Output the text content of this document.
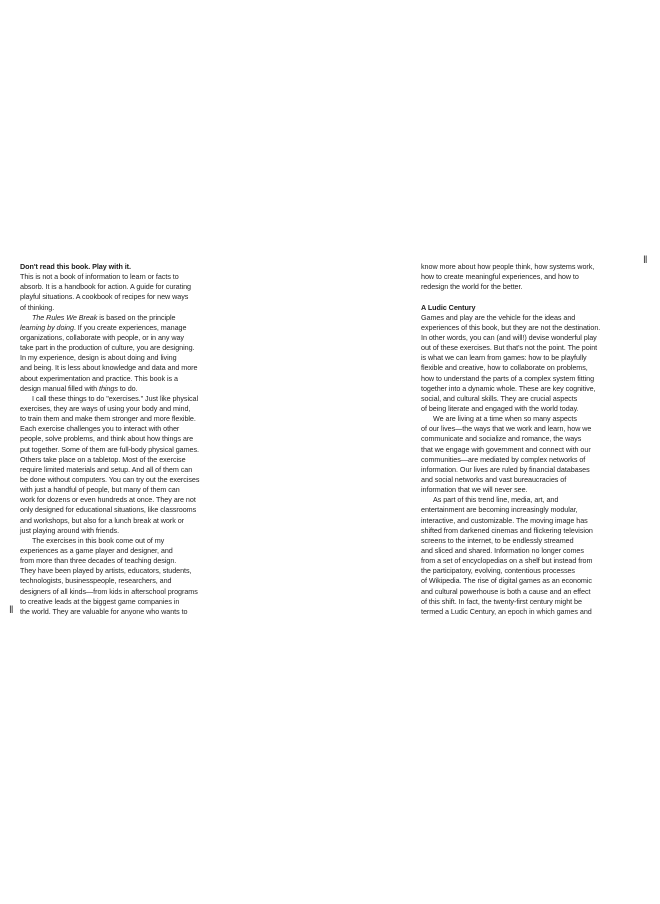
Don't read this book. Play with it.
This is not a book of information to learn or facts to
absorb. It is a handbook for action. A guide for curating
playful situations. A cookbook of recipes for new ways
of thinking.
The Rules We Break is based on the principle
learning by doing. If you create experiences, manage
organizations, collaborate with people, or in any way
take part in the production of culture, you are designing.
In my experience, design is about doing and living
and being. It is less about knowledge and data and more
about experimentation and practice. This book is a
design manual filled with things to do.
I call these things to do "exercises." Just like physical
exercises, they are ways of using your body and mind,
to train them and make them stronger and more flexible.
Each exercise challenges you to interact with other
people, solve problems, and think about how things are
put together. Some of them are full-body physical games.
Others take place on a tabletop. Most of the exercise
require limited materials and setup. And all of them can
be done without computers. You can try out the exercises
with just a handful of people, but many of them can
work for dozens or even hundreds at once. They are not
only designed for educational situations, like classrooms
and workshops, but also for a lunch break at work or
just playing around with friends.
The exercises in this book come out of my
experiences as a game player and designer, and
from more than three decades of teaching design.
They have been played by artists, educators, students,
technologists, businesspeople, researchers, and
designers of all kinds—from kids in afterschool programs
to creative leads at the biggest game companies in
the world. They are valuable for anyone who wants to
ll
know more about how people think, how systems work,
how to create meaningful experiences, and how to
redesign the world for the better.
A Ludic Century
Games and play are the vehicle for the ideas and
experiences of this book, but they are not the destination.
In other words, you can (and will!) devise wonderful play
out of these exercises. But that's not the point. The point
is what we can learn from games: how to be playfully
flexible and creative, how to collaborate on problems,
how to understand the parts of a complex system fitting
together into a dynamic whole. These are key cognitive,
social, and cultural skills. They are crucial aspects
of being literate and engaged with the world today.
We are living at a time when so many aspects
of our lives—the ways that we work and learn, how we
communicate and socialize and romance, the ways
that we engage with government and connect with our
communities—are mediated by complex networks of
information. Our lives are ruled by financial databases
and social networks and vast bureaucracies of
information that we will never see.
As part of this trend line, media, art, and
entertainment are becoming increasingly modular,
interactive, and customizable. The moving image has
shifted from darkened cinemas and flickering television
screens to the internet, to be endlessly streamed
and sliced and shared. Information no longer comes
from a set of encyclopedias on a shelf but instead from
the participatory, evolving, contentious processes
of Wikipedia. The rise of digital games as an economic
and cultural powerhouse is both a cause and an effect
of this shift. In fact, the twenty-first century might be
termed a Ludic Century, an epoch in which games and
ll
